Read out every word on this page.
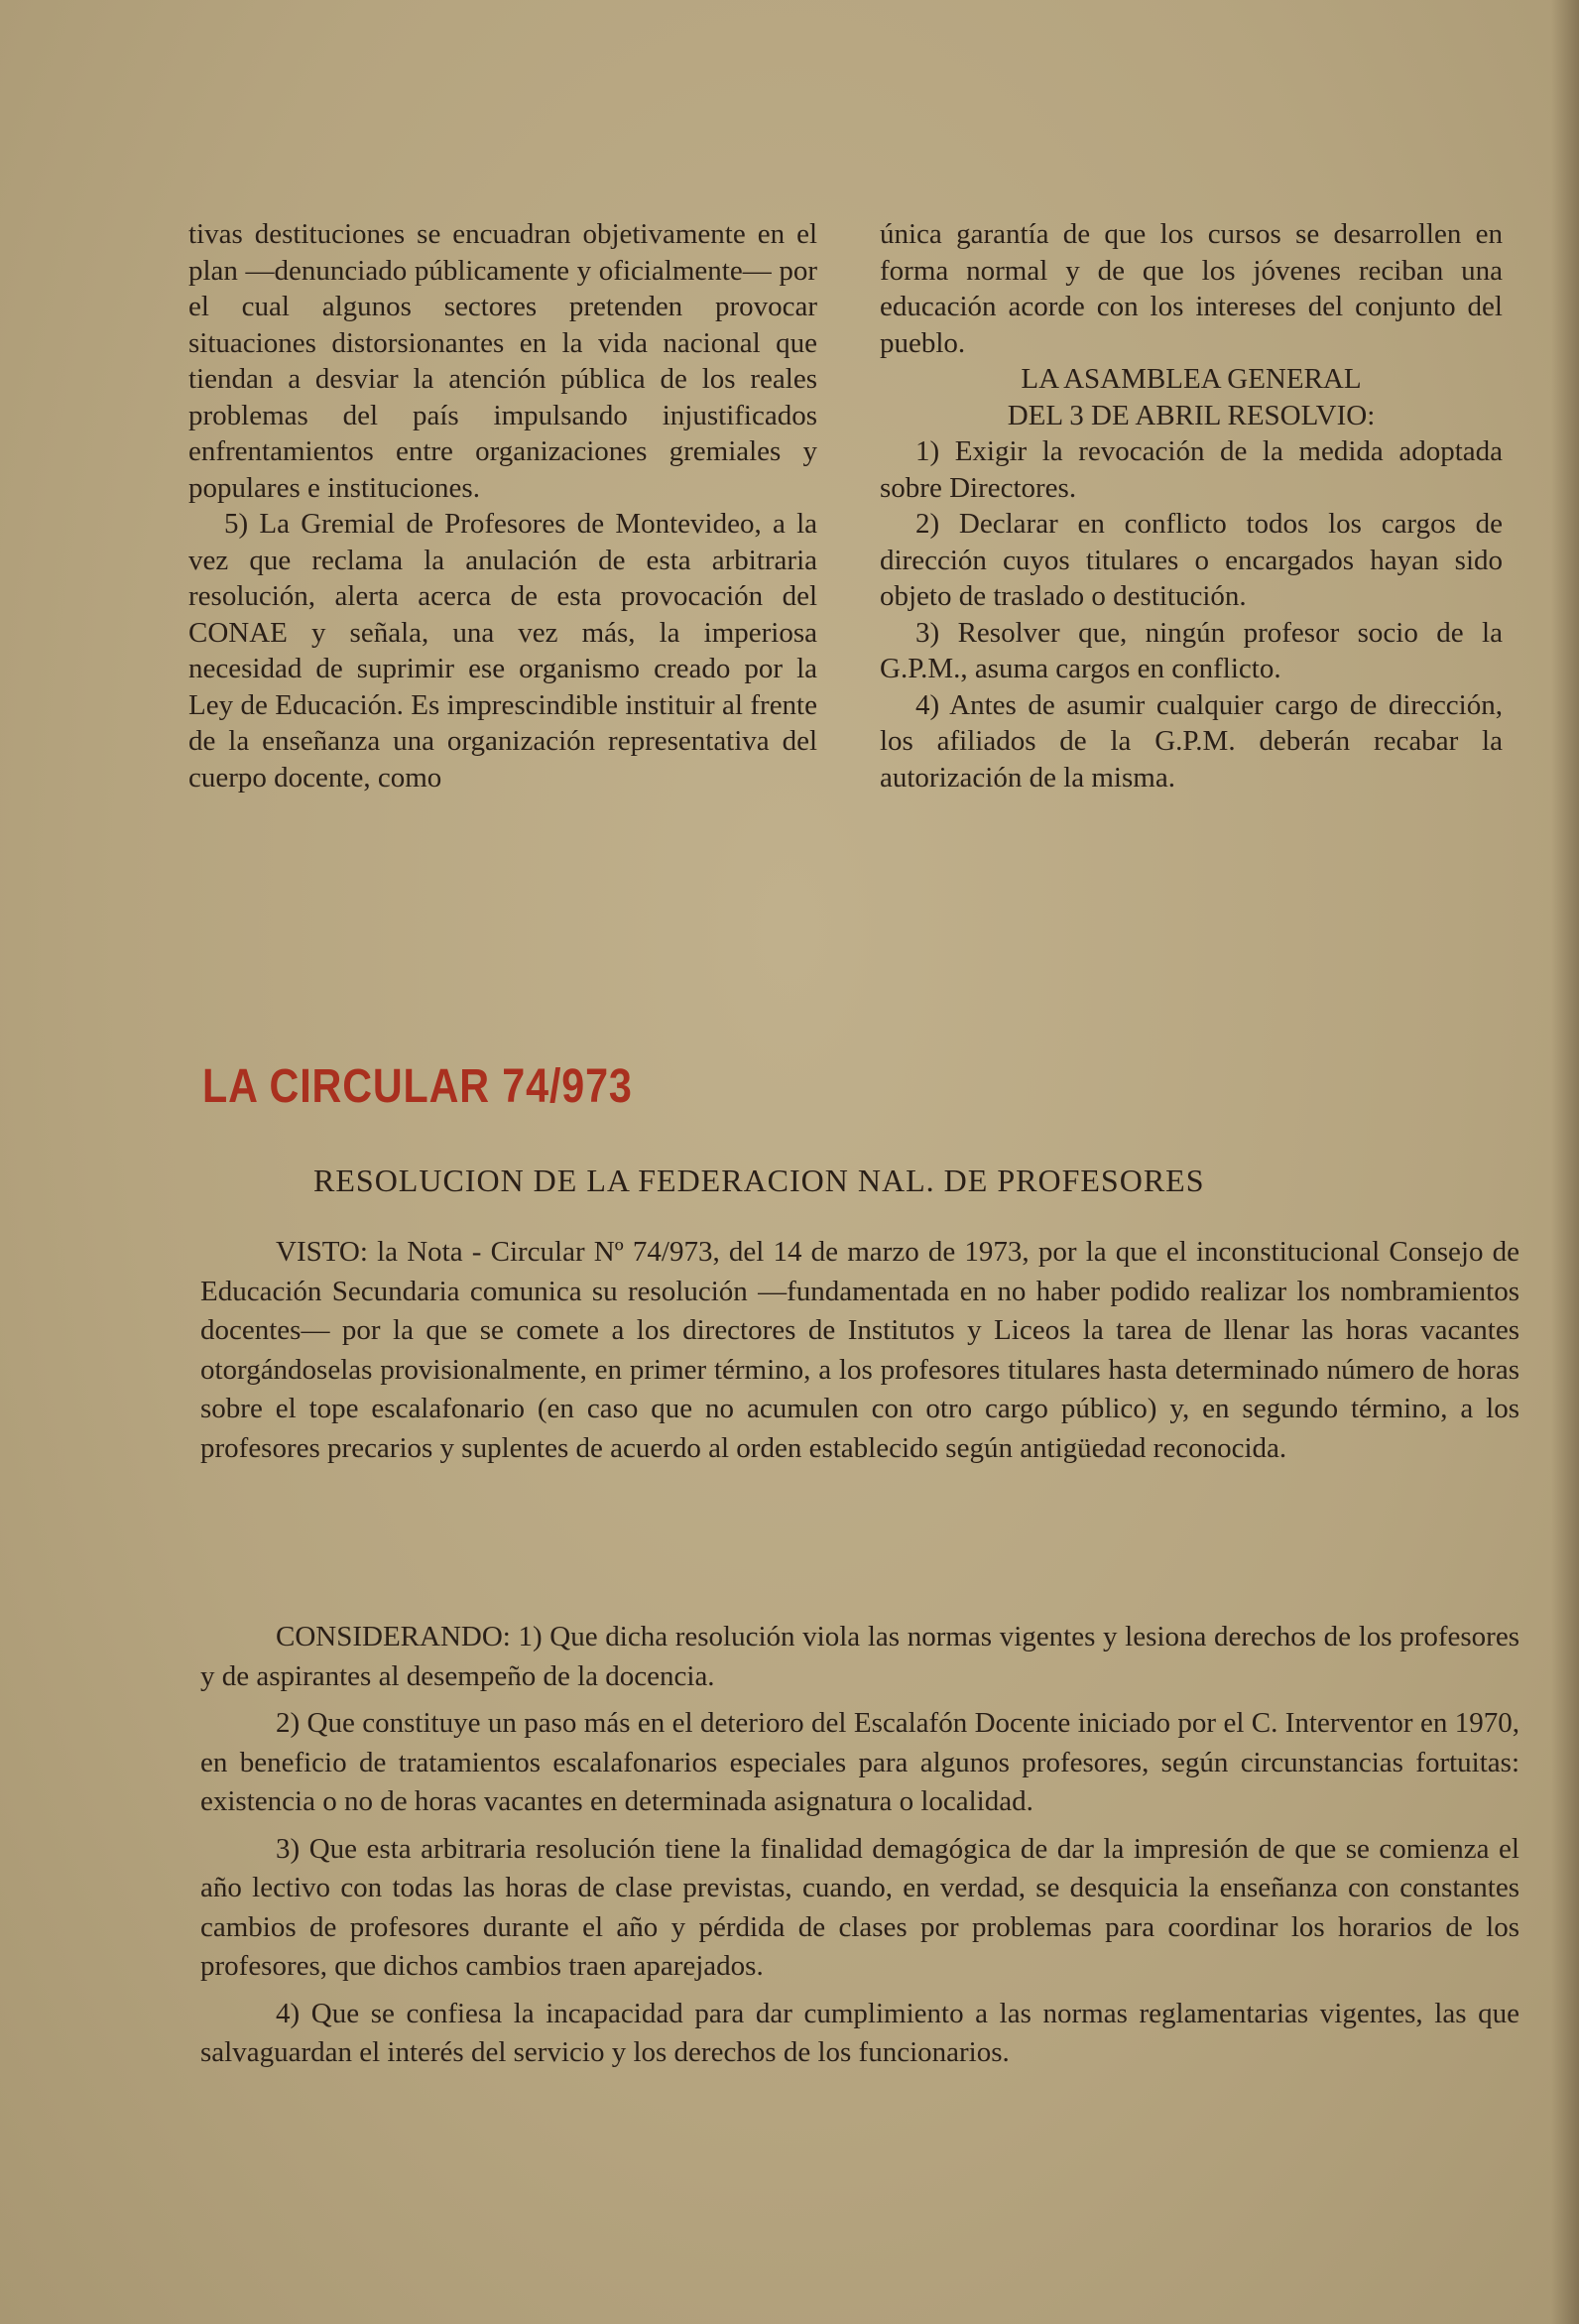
tivas destituciones se encuadran objetivamente en el plan —denunciado públicamente y oficialmente— por el cual algunos sectores pretenden provocar situaciones distorsionantes en la vida nacional que tiendan a desviar la atención pública de los reales problemas del país impulsando injustificados enfrentamientos entre organizaciones gremiales y populares e instituciones.

5) La Gremial de Profesores de Montevideo, a la vez que reclama la anulación de esta arbitraria resolución, alerta acerca de esta provocación del CONAE y señala, una vez más, la imperiosa necesidad de suprimir ese organismo creado por la Ley de Educación. Es imprescindible instituir al frente de la enseñanza una organización representativa del cuerpo docente, como

única garantía de que los cursos se desarrollen en forma normal y de que los jóvenes reciban una educación acorde con los intereses del conjunto del pueblo.

LA ASAMBLEA GENERAL

DEL 3 DE ABRIL RESOLVIO:

1) Exigir la revocación de la medida adoptada sobre Directores.

2) Declarar en conflicto todos los cargos de dirección cuyos titulares o encargados hayan sido objeto de traslado o destitución.

3) Resolver que, ningún profesor socio de la G.P.M., asuma cargos en conflicto.

4) Antes de asumir cualquier cargo de dirección, los afiliados de la G.P.M. deberán recabar la autorización de la misma.

LA CIRCULAR 74/973
RESOLUCION DE LA FEDERACION NAL. DE PROFESORES

VISTO: la Nota - Circular Nº 74/973, del 14 de marzo de 1973, por la que el inconstitucional Consejo de Educación Secundaria comunica su resolución —fundamentada en no haber podido realizar los nombramientos docentes— por la que se comete a los directores de Institutos y Liceos la tarea de llenar las horas vacantes otorgándoselas provisionalmente, en primer término, a los profesores titulares hasta determinado número de horas sobre el tope escalafonario (en caso que no acumulen con otro cargo público) y, en segundo término, a los profesores precarios y suplentes de acuerdo al orden establecido según antigüedad reconocida.

CONSIDERANDO: 1) Que dicha resolución viola las normas vigentes y lesiona derechos de los profesores y de aspirantes al desempeño de la docencia.

2) Que constituye un paso más en el deterioro del Escalafón Docente iniciado por el C. Interventor en 1970, en beneficio de tratamientos escalafonarios especiales para algunos profesores, según circunstancias fortuitas: existencia o no de horas vacantes en determinada asignatura o localidad.

3) Que esta arbitraria resolución tiene la finalidad demagógica de dar la impresión de que se comienza el año lectivo con todas las horas de clase previstas, cuando, en verdad, se desquicia la enseñanza con constantes cambios de profesores durante el año y pérdida de clases por problemas para coordinar los horarios de los profesores, que dichos cambios traen aparejados.

4) Que se confiesa la incapacidad para dar cumplimiento a las normas reglamentarias vigentes, las que salvaguardan el interés del servicio y los derechos de los funcionarios.
